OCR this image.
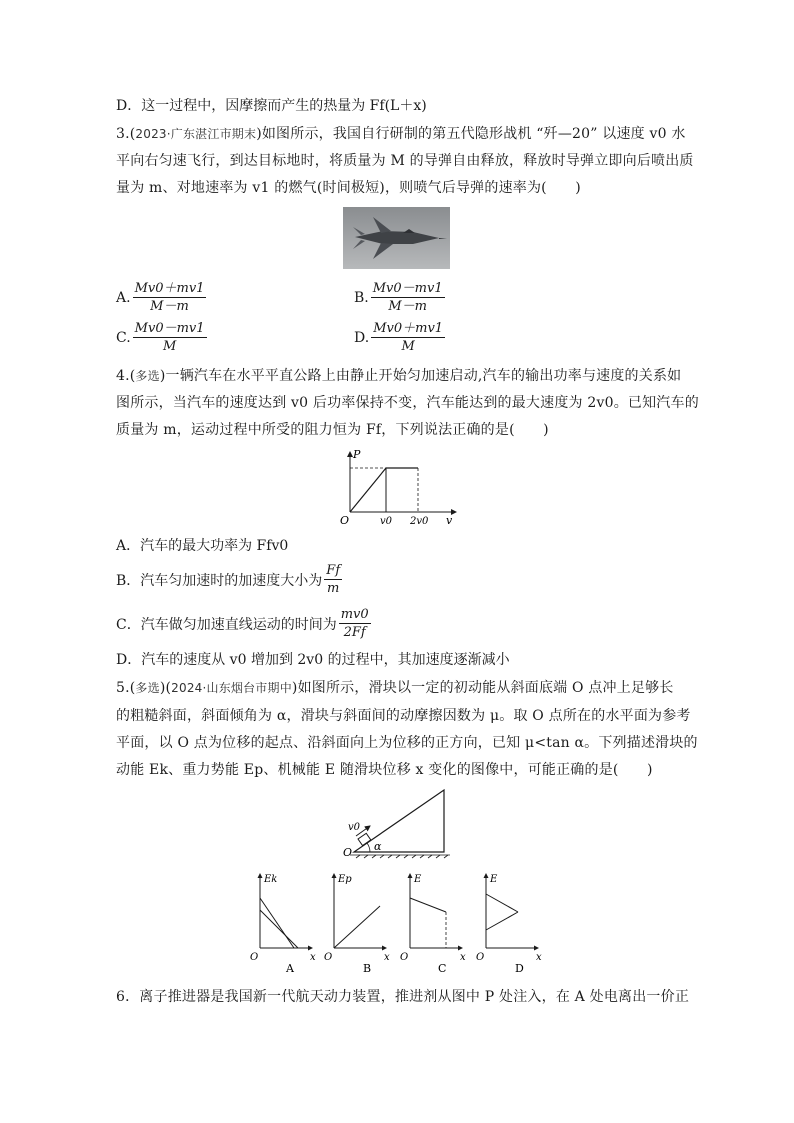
D．这一过程中，因摩擦而产生的热量为 Ff(L＋x)
3.(2023·广东湛江市期末)如图所示，我国自行研制的第五代隐形战机 “歼—20” 以速度 v0 水
平向右匀速飞行，到达目标地时，将质量为 M 的导弹自由释放，释放时导弹立即向后喷出质
量为 m、对地速率为 v1 的燃气(时间极短)，则喷气后导弹的速率为(　　)
A. $\frac{Mv0+mv1}{M-m}$	B. $\frac{Mv0-mv1}{M-m}$
C. $\frac{Mv0-mv1}{M}$	D. $\frac{Mv0+mv1}{M}$
4.(多选)一辆汽车在水平平直公路上由静止开始匀加速启动,汽车的输出功率与速度的关系如
图所示，当汽车的速度达到 v0 后功率保持不变，汽车能达到的最大速度为 2v0。已知汽车的
质量为 m，运动过程中所受的阻力恒为 Ff，下列说法正确的是(　　)
P
v
O	v0 2v0
A．汽车的最大功率为 Ffv0
B．汽车匀加速时的加速度大小为 $\frac{Ff}{m}$
C．汽车做匀加速直线运动的时间为 $\frac{mv0}{2Ff}$
D．汽车的速度从 v0 增加到 2v0 的过程中，其加速度逐渐减小
5.(多选)(2024·山东烟台市期中)如图所示，滑块以一定的初动能从斜面底端 O 点冲上足够长
的粗糙斜面，斜面倾角为 α，滑块与斜面间的动摩擦因数为 μ。取 O 点所在的水平面为参考
平面，以 O 点为位移的起点、沿斜面向上为位移的正方向，已知 μ<tan α。下列描述滑块的
动能 Ek、重力势能 Ep、机械能 E 随滑块位移 x 变化的图像中，可能正确的是(　　)
v0
O α
Ek
x
O
A
Ep
x
O
B
E
x
O
C
E
x
O
D
6．离子推进器是我国新一代航天动力装置，推进剂从图中 P 处注入，在 A 处电离出一价正
